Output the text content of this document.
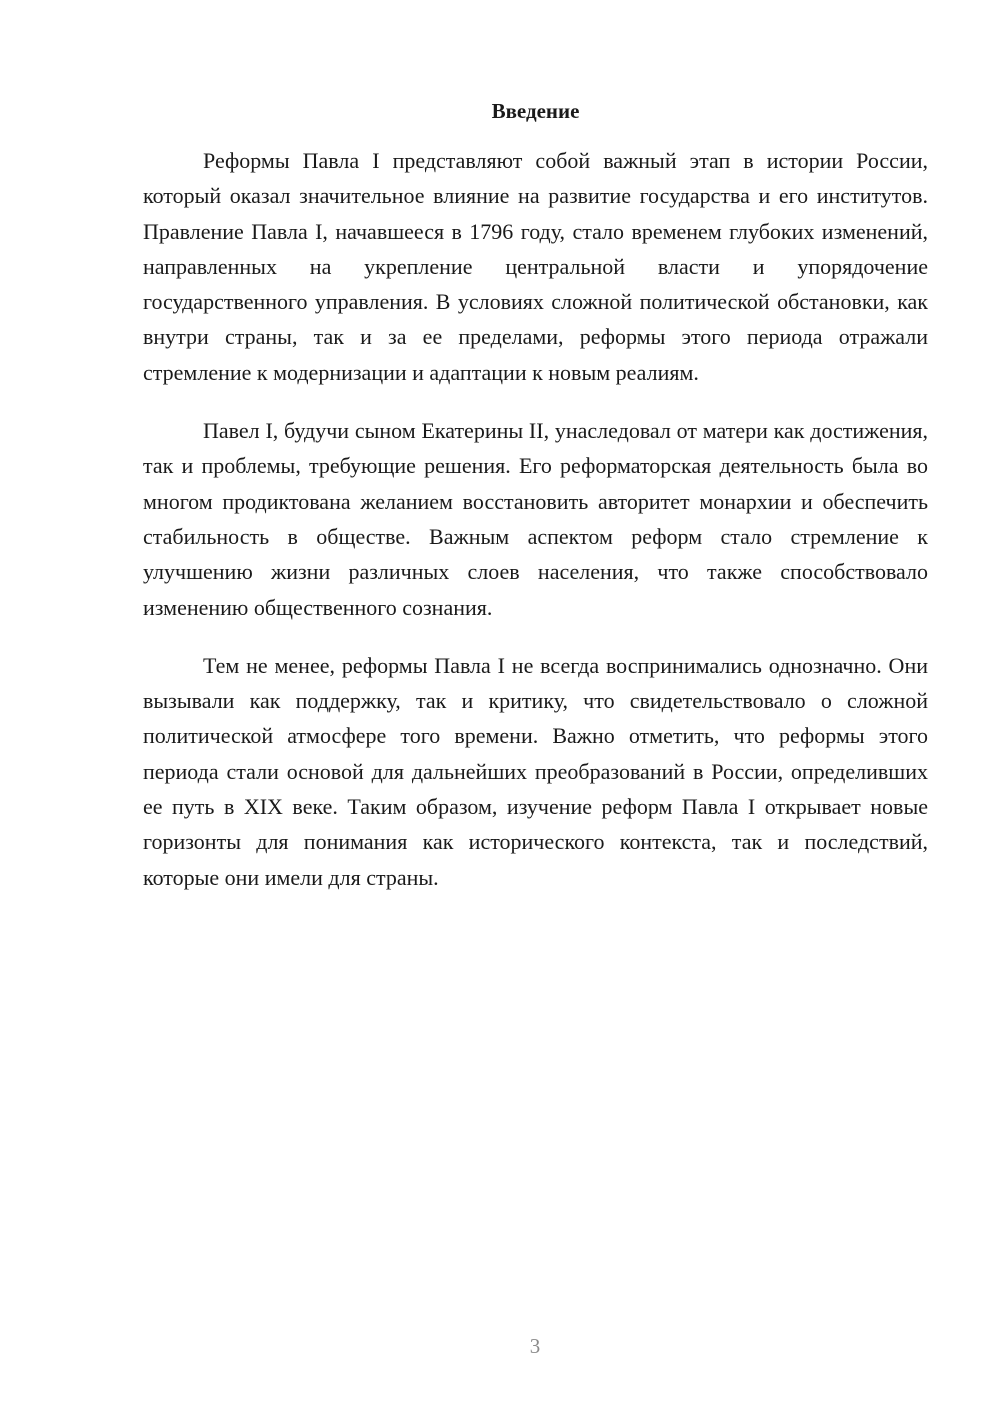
Введение

Реформы Павла I представляют собой важный этап в истории России, который оказал значительное влияние на развитие государства и его институтов. Правление Павла I, начавшееся в 1796 году, стало временем глубоких изменений, направленных на укрепление центральной власти и упорядочение государственного управления. В условиях сложной политической обстановки, как внутри страны, так и за ее пределами, реформы этого периода отражали стремление к модернизации и адаптации к новым реалиям.

Павел I, будучи сыном Екатерины II, унаследовал от матери как достижения, так и проблемы, требующие решения. Его реформаторская деятельность была во многом продиктована желанием восстановить авторитет монархии и обеспечить стабильность в обществе. Важным аспектом реформ стало стремление к улучшению жизни различных слоев населения, что также способствовало изменению общественного сознания.

Тем не менее, реформы Павла I не всегда воспринимались однозначно. Они вызывали как поддержку, так и критику, что свидетельствовало о сложной политической атмосфере того времени. Важно отметить, что реформы этого периода стали основой для дальнейших преобразований в России, определивших ее путь в XIX веке. Таким образом, изучение реформ Павла I открывает новые горизонты для понимания как исторического контекста, так и последствий, которые они имели для страны.

3
